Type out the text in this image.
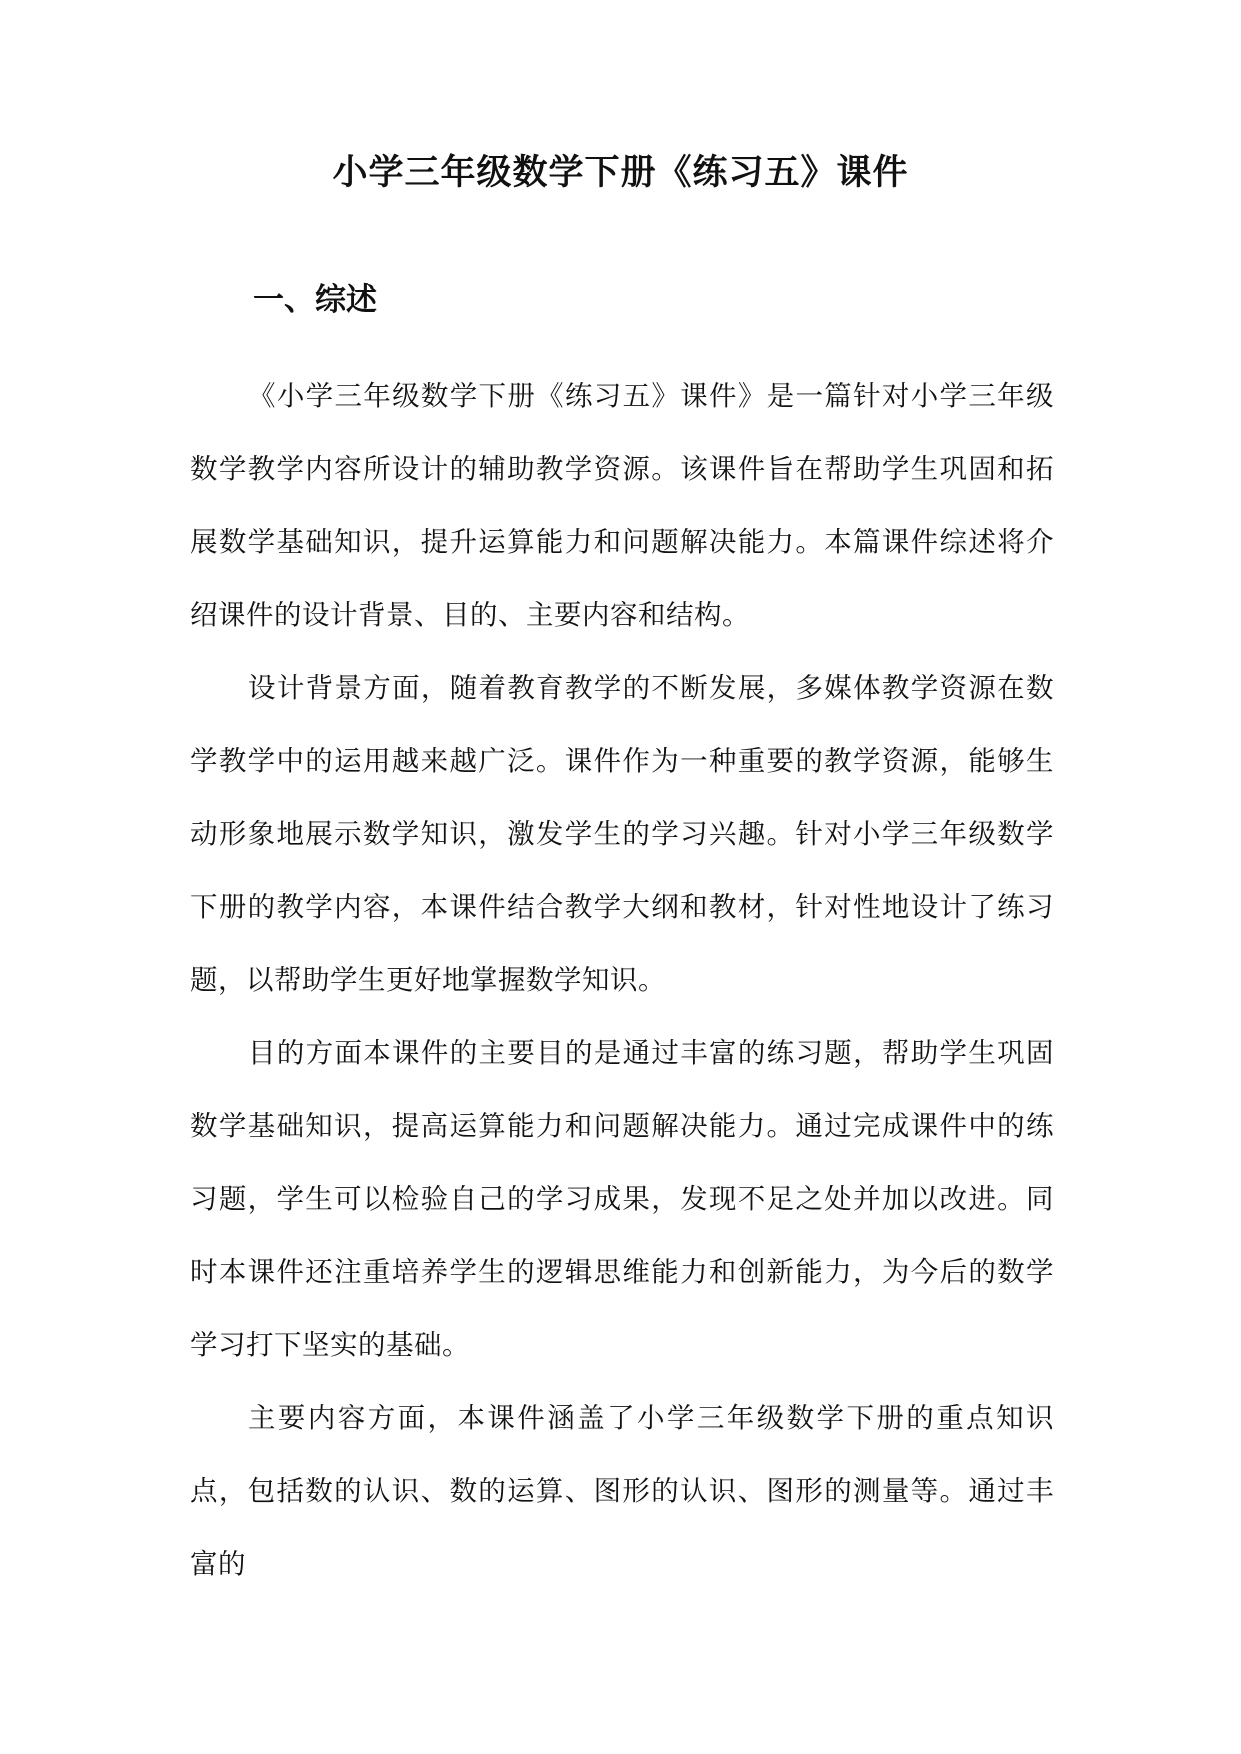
小学三年级数学下册《练习五》课件
一、综述

《小学三年级数学下册《练习五》课件》是一篇针对小学三年级数学教学内容所设计的辅助教学资源。该课件旨在帮助学生巩固和拓展数学基础知识，提升运算能力和问题解决能力。本篇课件综述将介绍课件的设计背景、目的、主要内容和结构。

设计背景方面，随着教育教学的不断发展，多媒体教学资源在数学教学中的运用越来越广泛。课件作为一种重要的教学资源，能够生动形象地展示数学知识，激发学生的学习兴趣。针对小学三年级数学下册的教学内容，本课件结合教学大纲和教材，针对性地设计了练习题，以帮助学生更好地掌握数学知识。

目的方面本课件的主要目的是通过丰富的练习题，帮助学生巩固数学基础知识，提高运算能力和问题解决能力。通过完成课件中的练习题，学生可以检验自己的学习成果，发现不足之处并加以改进。同时本课件还注重培养学生的逻辑思维能力和创新能力，为今后的数学学习打下坚实的基础。

主要内容方面，本课件涵盖了小学三年级数学下册的重点知识点，包括数的认识、数的运算、图形的认识、图形的测量等。通过丰富的
